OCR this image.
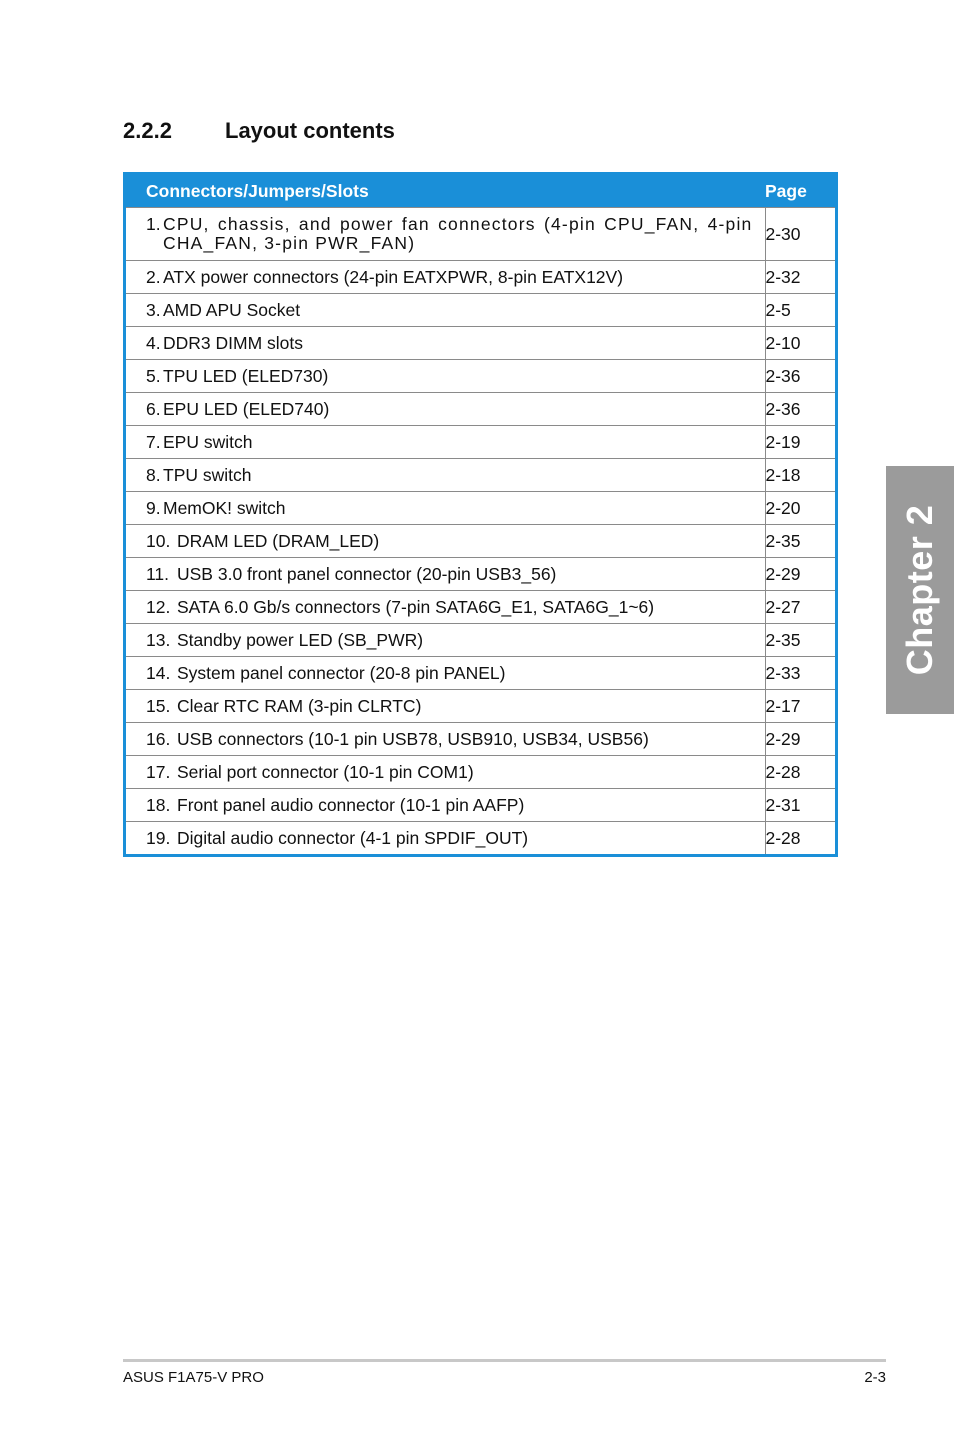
2.2.2	Layout contents
Connectors/Jumpers/Slots	Page

1. CPU, chassis, and power fan connectors (4-pin CPU_FAN, 4-pin CHA_FAN, 3-pin PWR_FAN)	2-30

2. ATX power connectors (24-pin EATXPWR, 8-pin EATX12V)	2-32

3. AMD APU Socket	2-5

4. DDR3 DIMM slots	2-10

5. TPU LED (ELED730)	2-36

6. EPU LED (ELED740)	2-36

7. EPU switch	2-19

8. TPU switch	2-18

9. MemOK! switch	2-20

10. DRAM LED (DRAM_LED)	2-35

11. USB 3.0 front panel connector (20-pin USB3_56)	2-29

12. SATA 6.0 Gb/s connectors (7-pin SATA6G_E1, SATA6G_1~6)	2-27

13. Standby power LED (SB_PWR)	2-35

14. System panel connector (20-8 pin PANEL)	2-33

15. Clear RTC RAM (3-pin CLRTC)	2-17

16. USB connectors (10-1 pin USB78, USB910, USB34, USB56)	2-29

17. Serial port connector (10-1 pin COM1)	2-28

18. Front panel audio connector (10-1 pin AAFP)	2-31

19. Digital audio connector (4-1 pin SPDIF_OUT)	2-28
Chapter 2
ASUS F1A75-V PRO	2-3
